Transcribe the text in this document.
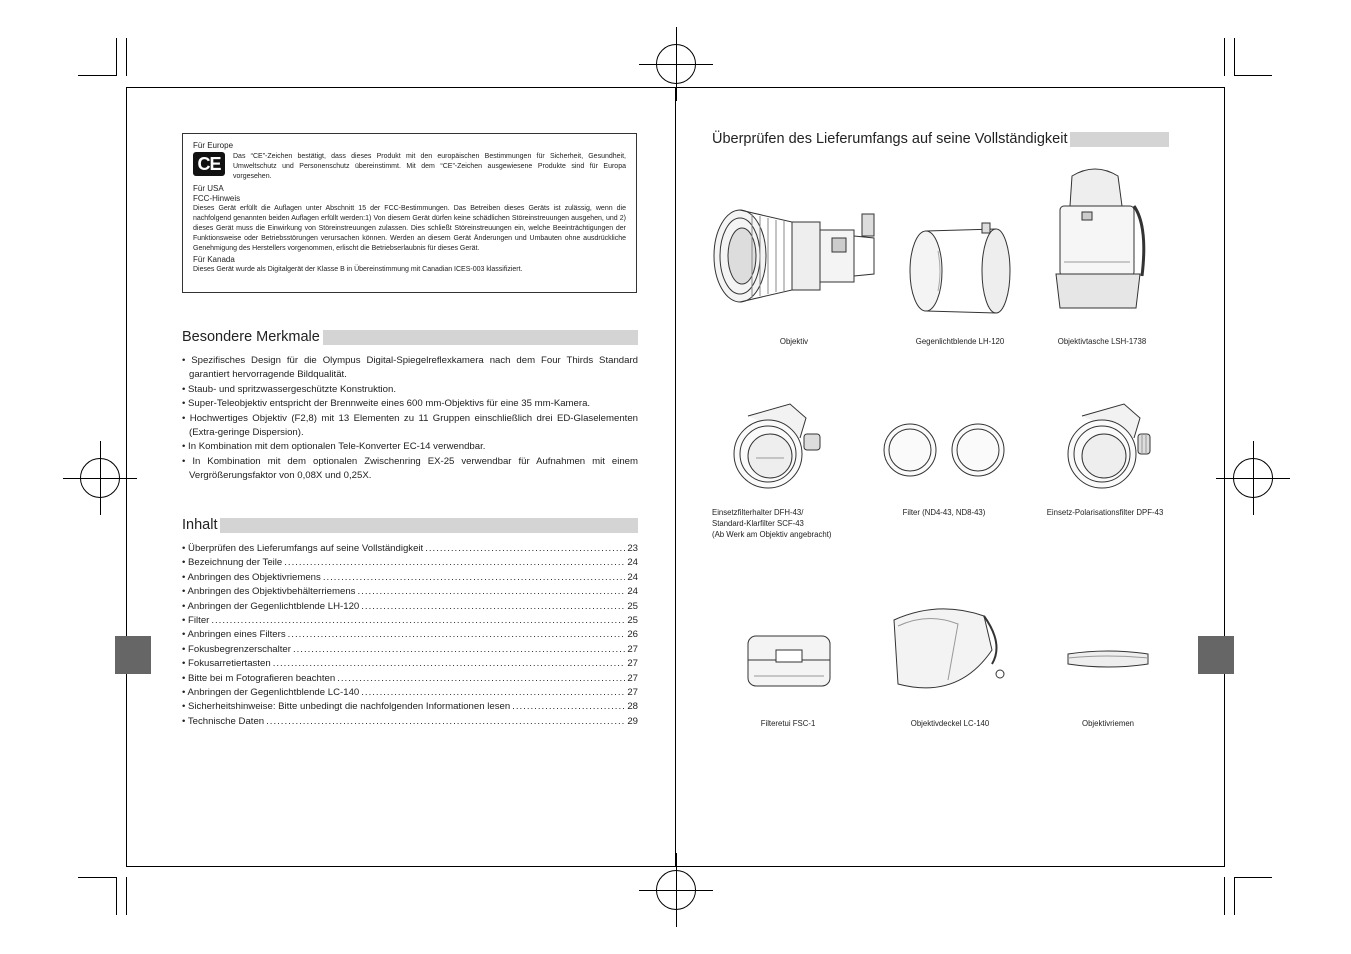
Für Europe
CE	Das “CE”-Zeichen bestätigt, dass dieses Produkt mit den europäischen Bestimmungen für Sicherheit, Gesundheit, Umweltschutz und Personenschutz übereinstimmt. Mit dem “CE”-Zeichen ausgewiesene Produkte sind für Europa vorgesehen.
Für USA
FCC-Hinweis
Dieses Gerät erfüllt die Auflagen unter Abschnitt 15 der FCC-Bestimmungen. Das Betreiben dieses Geräts ist zulässig, wenn die nachfolgend genannten beiden Auflagen erfüllt werden:1) Von diesem Gerät dürfen keine schädlichen Störeinstreuungen ausgehen, und 2) dieses Gerät muss die Einwirkung von Störeinstreuungen zulassen. Dies schließt Störeinstreuungen ein, welche Beeinträchtigungen der Funktionsweise oder Betriebsstörungen verursachen können. Werden an diesem Gerät Änderungen und Umbauten ohne ausdrückliche Genehmigung des Herstellers vorgenommen, erlischt die Betriebserlaubnis für dieses Gerät.
Für Kanada
Dieses Gerät wurde als Digitalgerät der Klasse B in Übereinstimmung mit Canadian ICES-003 klassifiziert.
Besondere Merkmale
• Spezifisches Design für die Olympus Digital-Spiegelreflexkamera nach dem Four Thirds Standard garantiert hervorragende Bildqualität.
• Staub- und spritzwassergeschützte Konstruktion.
• Super-Teleobjektiv entspricht der Brennweite eines 600 mm-Objektivs für eine 35 mm-Kamera.
• Hochwertiges Objektiv (F2,8) mit 13 Elementen zu 11 Gruppen einschließlich drei ED-Glaselementen (Extra-geringe Dispersion).
• In Kombination mit dem optionalen Tele-Konverter EC-14 verwendbar.
• In Kombination mit dem optionalen Zwischenring EX-25 verwendbar für Aufnahmen mit einem Vergrößerungsfaktor von 0,08X und 0,25X.
Inhalt
• Überprüfen des Lieferumfangs auf seine Vollständigkeit .....	23
• Bezeichnung der Teile .....	24
• Anbringen des Objektivriemens .....	24
• Anbringen des Objektivbehälterriemens .....	24
• Anbringen der Gegenlichtblende LH-120 .....	25
• Filter .....	25
• Anbringen eines Filters .....	26
• Fokusbegrenzerschalter .....	27
• Fokusarretiertasten .....	27
• Bitte bei m Fotografieren beachten .....	27
• Anbringen der Gegenlichtblende LC-140 .....	27
• Sicherheitshinweise: Bitte unbedingt die nachfolgenden Informationen lesen .....	28
• Technische Daten .....	29
Überprüfen des Lieferumfangs auf seine Vollständigkeit
Objektiv	Gegenlichtblende LH-120	Objektivtasche LSH-1738
Einsetzfilterhalter DFH-43/
Standard-Klarfilter SCF-43
(Ab Werk am Objektiv angebracht)
Filter (ND4-43, ND8-43)	Einsetz-Polarisationsfilter DPF-43
Filteretui FSC-1	Objektivdeckel LC-140	Objektivriemen
